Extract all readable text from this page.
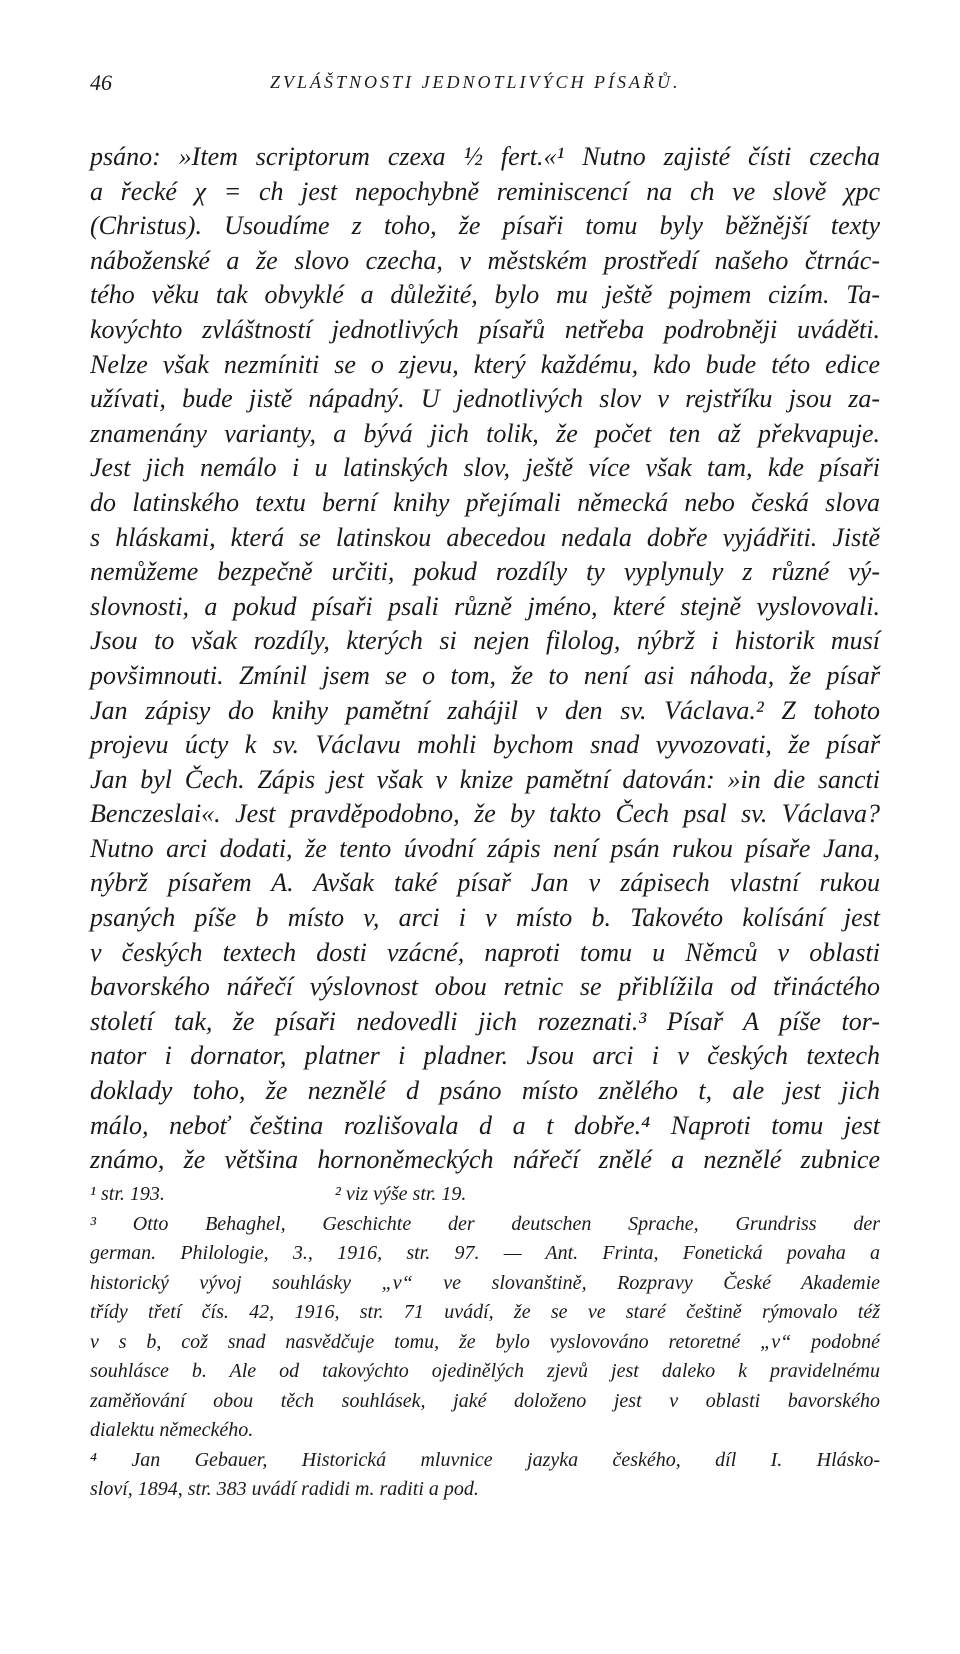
46	ZVLÁŠTNOSTI JEDNOTLIVÝCH PÍSAŘŮ.
psáno: »Item scriptorum czexa ½ fert.«¹ Nutno zajisté čísti czecha
a řecké χ = ch jest nepochybně reminiscencí na ch ve slově χpc
(Christus). Usoudíme z toho, že písaři tomu byly běžnější texty
náboženské a že slovo czecha, v městském prostředí našeho čtrnác-
tého věku tak obvyklé a důležité, bylo mu ještě pojmem cizím. Ta-
kovýchto zvláštností jednotlivých písařů netřeba podrobněji uváděti.
Nelze však nezmíniti se o zjevu, který každému, kdo bude této edice
užívati, bude jistě nápadný. U jednotlivých slov v rejstříku jsou za-
znamenány varianty, a bývá jich tolik, že počet ten až překvapuje.
Jest jich nemálo i u latinských slov, ještě více však tam, kde písaři
do latinského textu berní knihy přejímali německá nebo česká slova
s hláskami, která se latinskou abecedou nedala dobře vyjádřiti. Jistě
nemůžeme bezpečně určiti, pokud rozdíly ty vyplynuly z různé vý-
slovnosti, a pokud písaři psali různě jméno, které stejně vyslovovali.
Jsou to však rozdíly, kterých si nejen filolog, nýbrž i historik musí
povšimnouti. Zmínil jsem se o tom, že to není asi náhoda, že písař
Jan zápisy do knihy pamětní zahájil v den sv. Václava.² Z tohoto
projevu úcty k sv. Václavu mohli bychom snad vyvozovati, že písař
Jan byl Čech. Zápis jest však v knize pamětní datován: »in die sancti
Benczeslai«. Jest pravděpodobno, že by takto Čech psal sv. Václava?
Nutno arci dodati, že tento úvodní zápis není psán rukou písaře Jana,
nýbrž písařem A. Avšak také písař Jan v zápisech vlastní rukou
psaných píše b místo v, arci i v místo b. Takovéto kolísání jest
v českých textech dosti vzácné, naproti tomu u Němců v oblasti
bavorského nářečí výslovnost obou retnic se přiblížila od třináctého
století tak, že písaři nedovedli jich rozeznati.³ Písař A píše tor-
nator i dornator, platner i pladner. Jsou arci i v českých textech
doklady toho, že neznělé d psáno místo znělého t, ale jest jich
málo, neboť čeština rozlišovala d a t dobře.⁴ Naproti tomu jest
známo, že většina hornoněmeckých nářečí znělé a neznělé zubnice
¹ str. 193.                                  ² viz výše str. 19.
³ Otto Behaghel, Geschichte der deutschen Sprache, Grundriss der
german. Philologie, 3., 1916, str. 97. — Ant. Frinta, Fonetická povaha a
historický vývoj souhlásky „v“ ve slovanštině, Rozpravy České Akademie
třídy třetí čís. 42, 1916, str. 71 uvádí, že se ve staré češtině rýmovalo též
v s b, což snad nasvědčuje tomu, že bylo vyslovováno retoretné „v“ podobné
souhlásce b. Ale od takovýchto ojedinělých zjevů jest daleko k pravidelnému
zaměňování obou těch souhlásek, jaké doloženo jest v oblasti bavorského
dialektu německého.
⁴ Jan Gebauer, Historická mluvnice jazyka českého, díl I. Hlásko-
sloví, 1894, str. 383 uvádí radidi m. raditi a pod.
